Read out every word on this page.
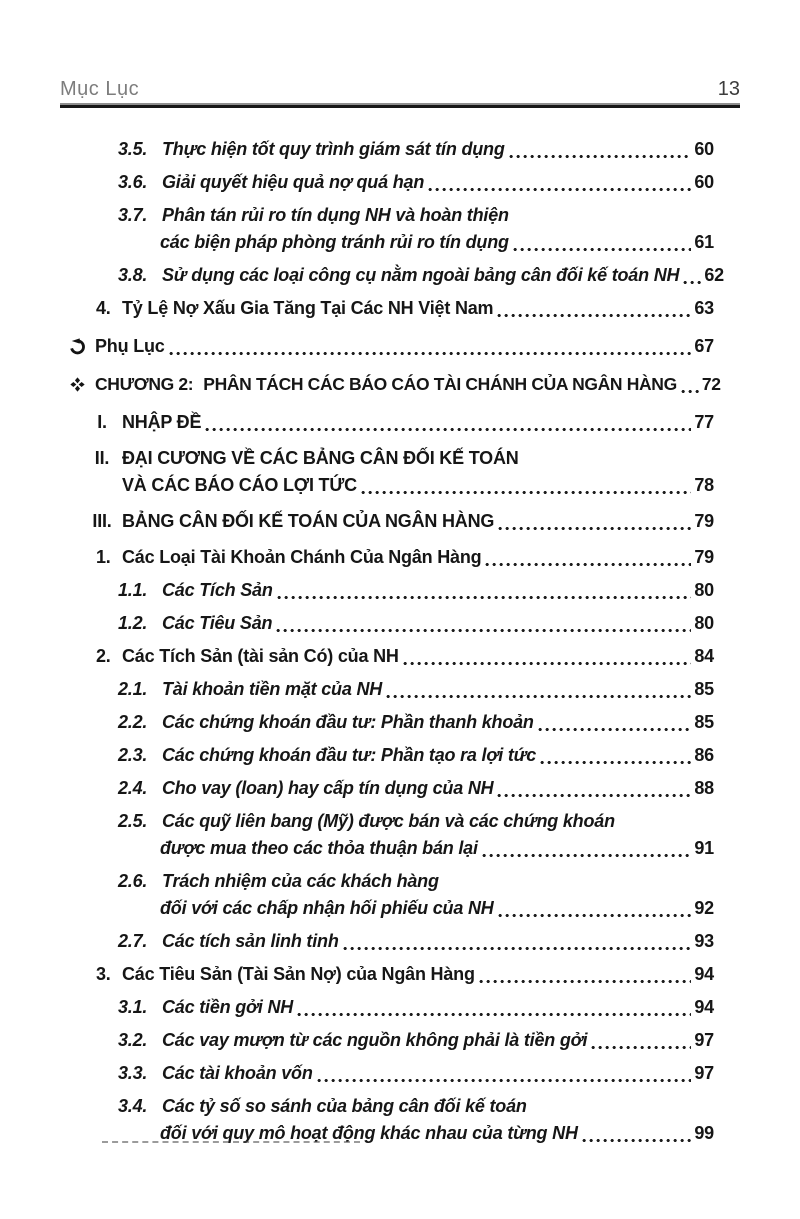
Mục Lục	13
3.5. Thực hiện tốt quy trình giám sát tín dụng	60
3.6. Giải quyết hiệu quả nợ quá hạn	60
3.7. Phân tán rủi ro tín dụng NH và hoàn thiện
các biện pháp phòng tránh rủi ro tín dụng	61
3.8. Sử dụng các loại công cụ nằm ngoài bảng cân đối kế toán NH 62
4. Tỷ Lệ Nợ Xấu Gia Tăng Tại Các NH Việt Nam	63
Phụ Lục	67
CHƯƠNG 2: PHÂN TÁCH CÁC BÁO CÁO TÀI CHÁNH CỦA NGÂN HÀNG 72
I. NHẬP ĐỀ	77
II. ĐẠI CƯƠNG VỀ CÁC BẢNG CÂN ĐỐI KẾ TOÁN
VÀ CÁC BÁO CÁO LỢI TỨC	78
III. BẢNG CÂN ĐỐI KẾ TOÁN CỦA NGÂN HÀNG	79
1. Các Loại Tài Khoản Chánh Của Ngân Hàng	79
1.1. Các Tích Sản	80
1.2. Các Tiêu Sản	80
2. Các Tích Sản (tài sản Có) của NH	84
2.1. Tài khoản tiền mặt của NH	85
2.2. Các chứng khoán đầu tư: Phần thanh khoản	85
2.3. Các chứng khoán đầu tư: Phần tạo ra lợi tức	86
2.4. Cho vay (loan) hay cấp tín dụng của NH	88
2.5. Các quỹ liên bang (Mỹ) được bán và các chứng khoán
được mua theo các thỏa thuận bán lại	91
2.6. Trách nhiệm của các khách hàng
đối với các chấp nhận hối phiếu của NH	92
2.7. Các tích sản linh tinh	93
3. Các Tiêu Sản (Tài Sản Nợ) của Ngân Hàng	94
3.1. Các tiền gởi NH	94
3.2. Các vay mượn từ các nguồn không phải là tiền gởi	97
3.3. Các tài khoản vốn	97
3.4. Các tỷ số so sánh của bảng cân đối kế toán
đối với quy mô hoạt động khác nhau của từng NH	99
